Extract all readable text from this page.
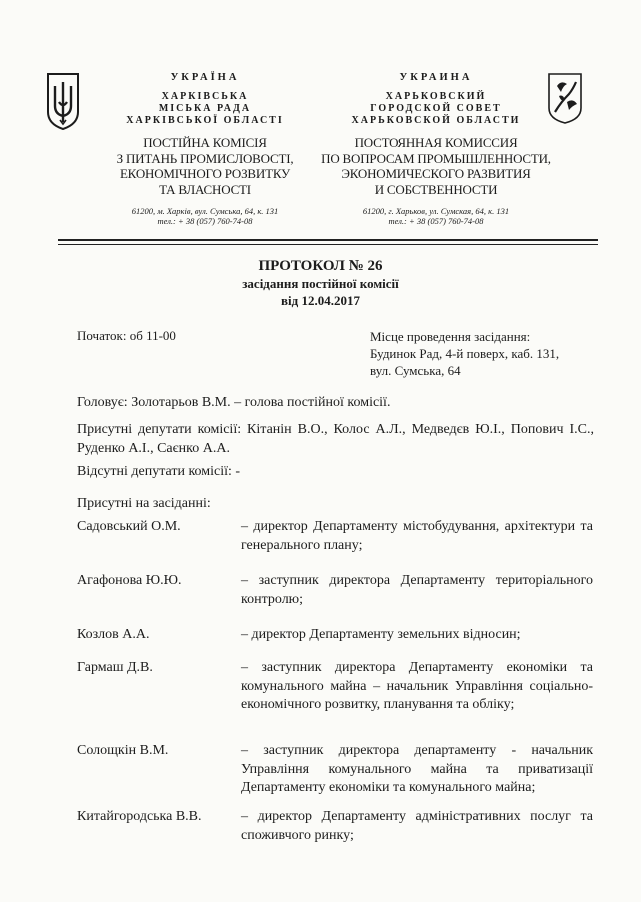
УКРАЇНА
ХАРКІВСЬКА
МІСЬКА РАДА
ХАРКІВСЬКОЇ ОБЛАСТІ
ПОСТІЙНА КОМІСІЯ
З ПИТАНЬ ПРОМИСЛОВОСТІ,
ЕКОНОМІЧНОГО РОЗВИТКУ
ТА ВЛАСНОСТІ
61200, м. Харків, вул. Сумська, 64, к. 131
тел.: + 38 (057) 760-74-08
УКРАИНА
ХАРЬКОВСКИЙ
ГОРОДСКОЙ СОВЕТ
ХАРЬКОВСКОЙ ОБЛАСТИ
ПОСТОЯННАЯ КОМИССИЯ
ПО ВОПРОСАМ ПРОМЫШЛЕННОСТИ,
ЭКОНОМИЧЕСКОГО РАЗВИТИЯ
И СОБСТВЕННОСТИ
61200, г. Харьков, ул. Сумская, 64, к. 131
тел.: + 38 (057) 760-74-08
ПРОТОКОЛ № 26
засідання постійної комісії
від 12.04.2017
Початок: об 11-00	Місце проведення засідання:
Будинок Рад, 4-й поверх, каб. 131,
вул. Сумська, 64
Головує: Золотарьов В.М. – голова постійної комісії.
Присутні депутати комісії: Кітанін В.О., Колос А.Л., Медведєв Ю.І., Попович І.С., Руденко А.І., Саєнко А.А.
Відсутні депутати комісії: -
Присутні на засіданні:
Садовський О.М.	– директор Департаменту містобудування, архітектури та генерального плану;
Агафонова Ю.Ю.	– заступник директора Департаменту територіального контролю;
Козлов А.А.	– директор Департаменту земельних відносин;
Гармаш Д.В.	– заступник директора Департаменту економіки та комунального майна – начальник Управління соціально-економічного розвитку, планування та обліку;
Солощкін В.М.	– заступник директора департаменту - начальник Управління комунального майна та приватизації Департаменту економіки та комунального майна;
Китайгородська В.В.	– директор Департаменту адміністративних послуг та споживчого ринку;
